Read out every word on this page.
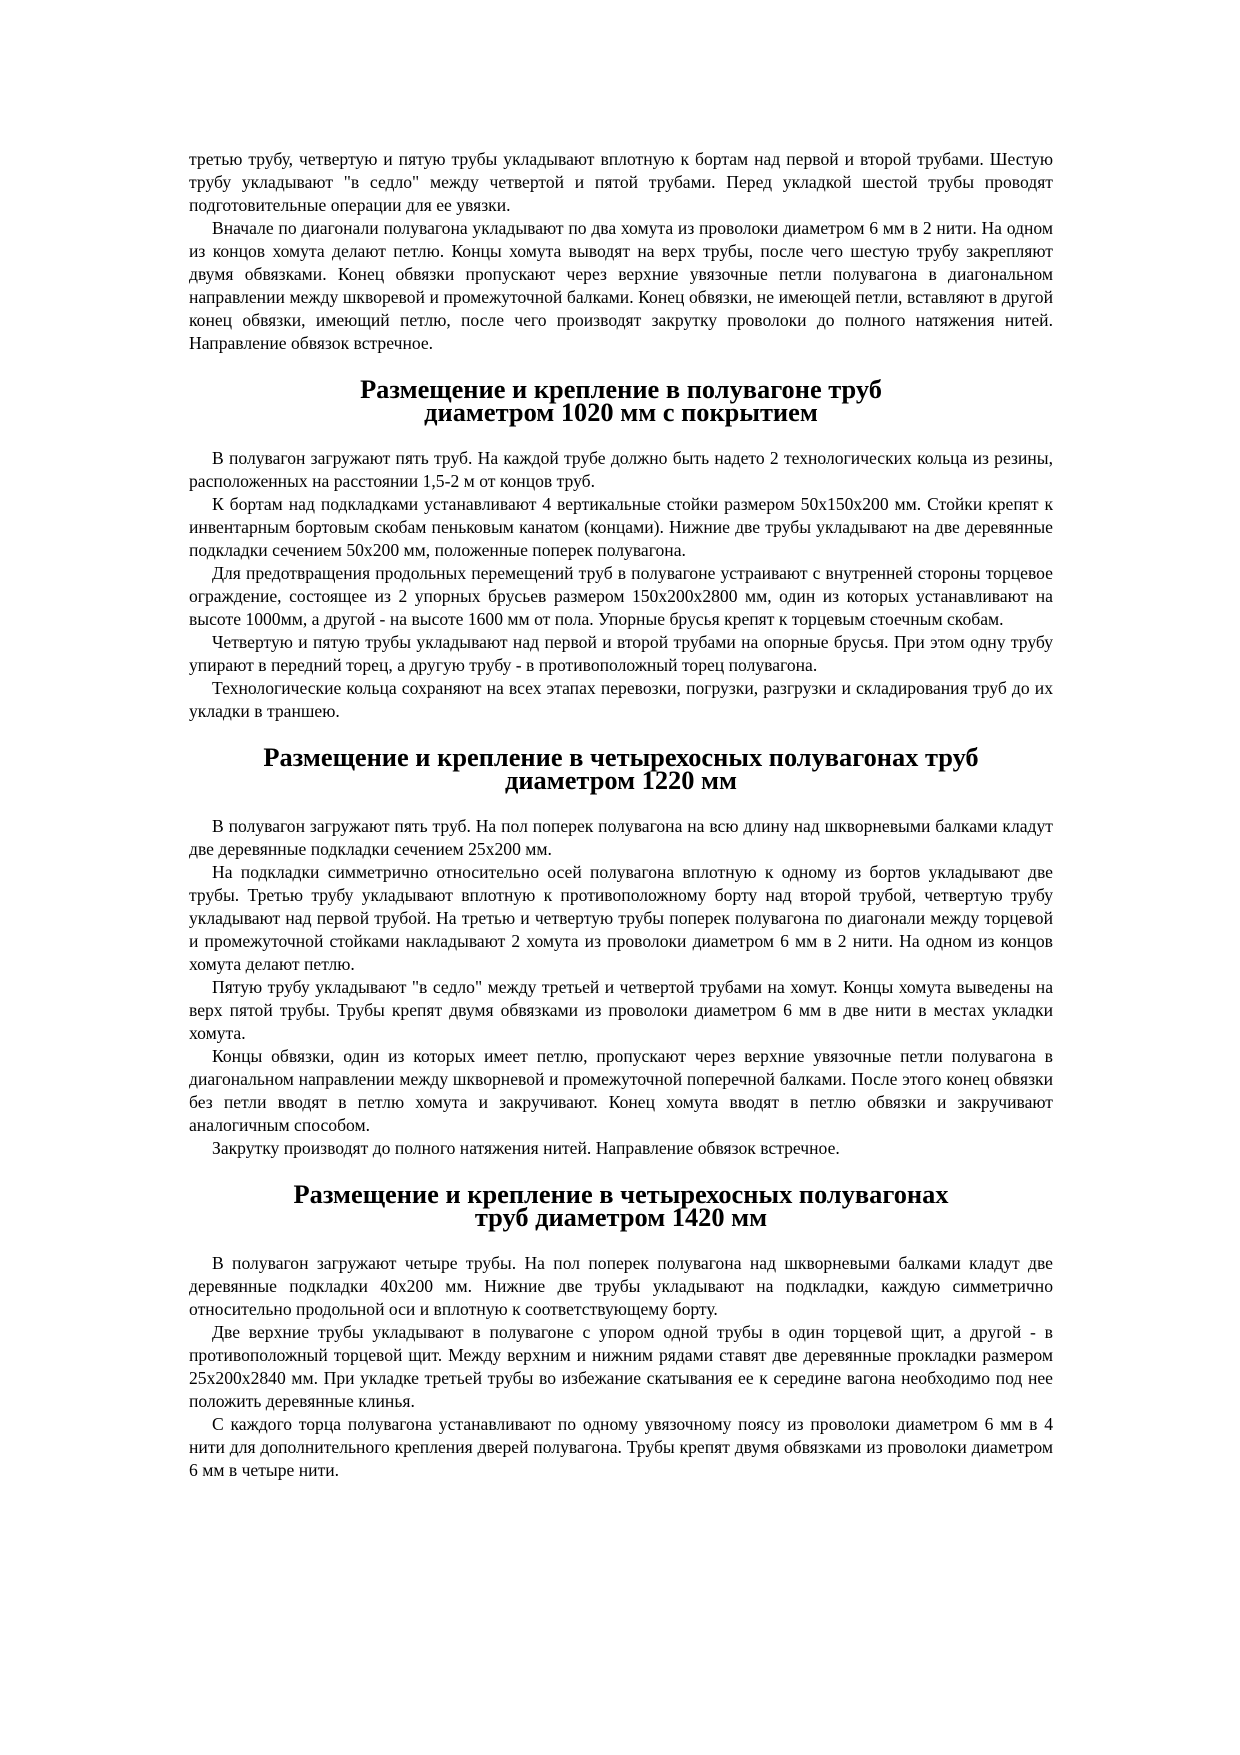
третью трубу, четвертую и пятую трубы укладывают вплотную к бортам над первой и второй трубами. Шестую трубу укладывают "в седло" между четвертой и пятой трубами. Перед укладкой шестой трубы проводят подготовительные операции для ее увязки.

Вначале по диагонали полувагона укладывают по два хомута из проволоки диаметром 6 мм в 2 нити. На одном из концов хомута делают петлю. Концы хомута выводят на верх трубы, после чего шестую трубу закрепляют двумя обвязками. Конец обвязки пропускают через верхние увязочные петли полувагона в диагональном направлении между шкворевой и промежуточной балками. Конец обвязки, не имеющей петли, вставляют в другой конец обвязки, имеющий петлю, после чего производят закрутку проволоки до полного натяжения нитей. Направление обвязок встречное.

Размещение и крепление в полувагоне труб
диаметром 1020 мм с покрытием

В полувагон загружают пять труб. На каждой трубе должно быть надето 2 технологических кольца из резины, расположенных на расстоянии 1,5-2 м от концов труб.

К бортам над подкладками устанавливают 4 вертикальные стойки размером 50х150х200 мм. Стойки крепят к инвентарным бортовым скобам пеньковым канатом (концами). Нижние две трубы укладывают на две деревянные подкладки сечением 50х200 мм, положенные поперек полувагона.

Для предотвращения продольных перемещений труб в полувагоне устраивают с внутренней стороны торцевое ограждение, состоящее из 2 упорных брусьев размером 150х200х2800 мм, один из которых устанавливают на высоте 1000мм, а другой - на высоте 1600 мм от пола. Упорные брусья крепят к торцевым стоечным скобам.

Четвертую и пятую трубы укладывают над первой и второй трубами на опорные брусья. При этом одну трубу упирают в передний торец, а другую трубу - в противоположный торец полувагона.

Технологические кольца сохраняют на всех этапах перевозки, погрузки, разгрузки и складирования труб до их укладки в траншею.

Размещение и крепление в четырехосных полувагонах труб
диаметром 1220 мм

В полувагон загружают пять труб. На пол поперек полувагона на всю длину над шкворневыми балками кладут две деревянные подкладки сечением 25х200 мм.

На подкладки симметрично относительно осей полувагона вплотную к одному из бортов укладывают две трубы. Третью трубу укладывают вплотную к противоположному борту над второй трубой, четвертую трубу укладывают над первой трубой. На третью и четвертую трубы поперек полувагона по диагонали между торцевой и промежуточной стойками накладывают 2 хомута из проволоки диаметром 6 мм в 2 нити. На одном из концов хомута делают петлю.

Пятую трубу укладывают "в седло" между третьей и четвертой трубами на хомут. Концы хомута выведены на верх пятой трубы. Трубы крепят двумя обвязками из проволоки диаметром 6 мм в две нити в местах укладки хомута.

Концы обвязки, один из которых имеет петлю, пропускают через верхние увязочные петли полувагона в диагональном направлении между шкворневой и промежуточной поперечной балками. После этого конец обвязки без петли вводят в петлю хомута и закручивают. Конец хомута вводят в петлю обвязки и закручивают аналогичным способом.

Закрутку производят до полного натяжения нитей. Направление обвязок встречное.

Размещение и крепление в четырехосных полувагонах
труб диаметром 1420 мм

В полувагон загружают четыре трубы. На пол поперек полувагона над шкворневыми балками кладут две деревянные подкладки 40х200 мм. Нижние две трубы укладывают на подкладки, каждую симметрично относительно продольной оси и вплотную к соответствующему борту.

Две верхние трубы укладывают в полувагоне с упором одной трубы в один торцевой щит, а другой - в противоположный торцевой щит. Между верхним и нижним рядами ставят две деревянные прокладки размером 25х200х2840 мм. При укладке третьей трубы во избежание скатывания ее к середине вагона необходимо под нее положить деревянные клинья.

С каждого торца полувагона устанавливают по одному увязочному поясу из проволоки диаметром 6 мм в 4 нити для дополнительного крепления дверей полувагона. Трубы крепят двумя обвязками из проволоки диаметром 6 мм в четыре нити.
